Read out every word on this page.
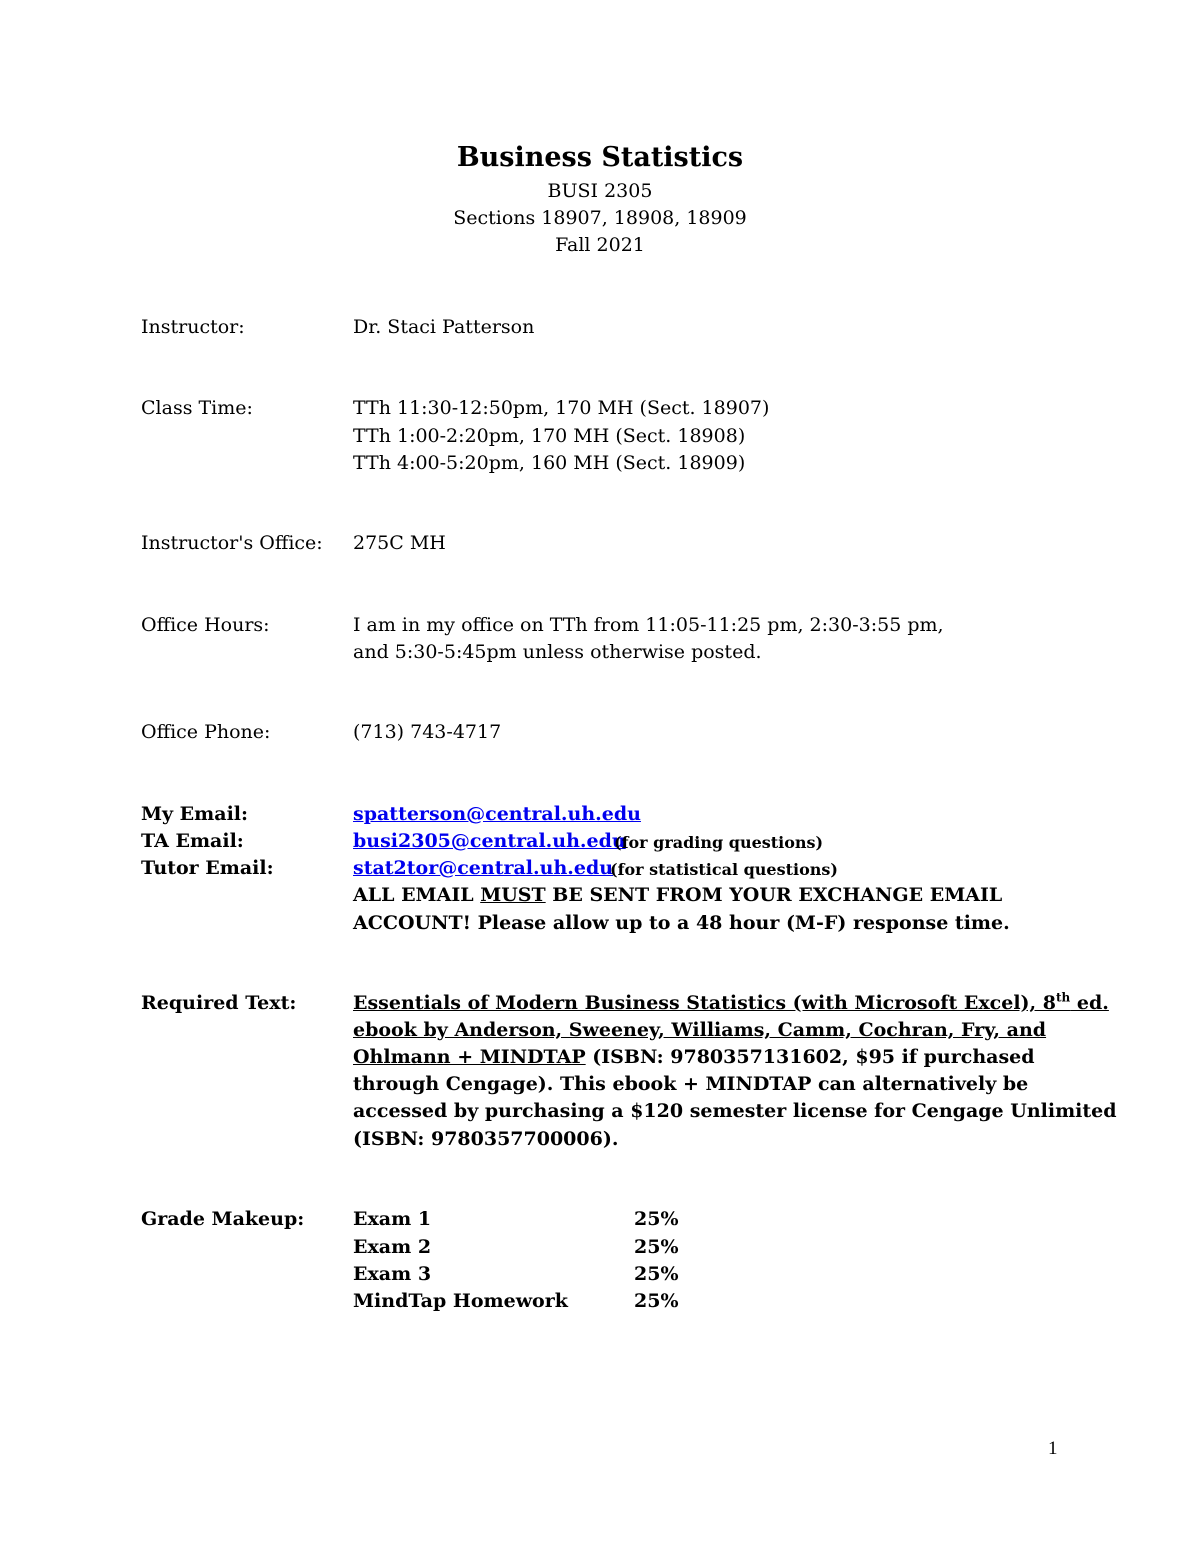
Business Statistics
BUSI 2305
Sections 18907, 18908, 18909
Fall 2021
Instructor:	Dr. Staci Patterson
Class Time:	TTh 11:30-12:50pm, 170 MH (Sect. 18907)
TTh 1:00-2:20pm, 170 MH (Sect. 18908)
TTh 4:00-5:20pm, 160 MH (Sect. 18909)
Instructor's Office: 275C MH
Office Hours:	I am in my office on TTh from 11:05-11:25 pm, 2:30-3:55 pm,
and 5:30-5:45pm unless otherwise posted.
Office Phone:	(713) 743-4717
My Email:	spatterson@central.uh.edu
TA Email:	busi2305@central.uh.edu
(for grading questions)
Tutor Email:	stat2tor@central.uh.edu
(for statistical questions)
ALL EMAIL MUST BE SENT FROM YOUR EXCHANGE EMAIL
ACCOUNT! Please allow up to a 48 hour (M-F) response time.
Required Text:	Essentials of Modern Business Statistics (with Microsoft Excel), 8th ed.
ebook by Anderson, Sweeney, Williams, Camm, Cochran, Fry, and
Ohlmann + MINDTAP (ISBN: 9780357131602, $95 if purchased
through Cengage). This ebook + MINDTAP can alternatively be
accessed by purchasing a $120 semester license for Cengage Unlimited
(ISBN: 9780357700006).
Grade Makeup:	Exam 1	25%
Exam 2	25%
Exam 3	25%
MindTap Homework	25%
1
